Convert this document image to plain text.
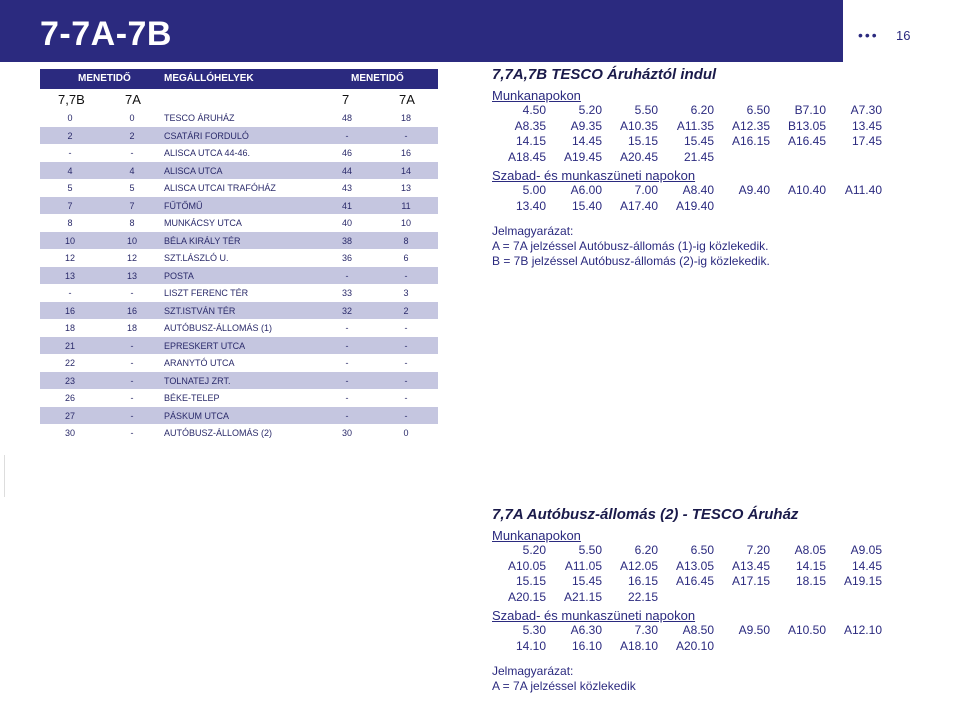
7-7A-7B	••• 16
MENETIDŐ	MEGÁLLÓHELYEK	MENETIDŐ
7,7B	7A	7	7A
0	0	TESCO ÁRUHÁZ	48	18
2	2	CSATÁRI FORDULÓ	-	-
-	-	ALISCA UTCA 44-46.	46	16
4	4	ALISCA UTCA	44	14
5	5	ALISCA UTCAI TRAFÓHÁZ	43	13
7	7	FŰTŐMŰ	41	11
8	8	MUNKÁCSY UTCA	40	10
10	10	BÉLA KIRÁLY TÉR	38	8
12	12	SZT.LÁSZLÓ U.	36	6
13	13	POSTA	-	-
-	-	LISZT FERENC TÉR	33	3
16	16	SZT.ISTVÁN TÉR	32	2
18	18	AUTÓBUSZ-ÁLLOMÁS (1)	-	-
21	-	EPRESKERT UTCA	-	-
22	-	ARANYTÓ UTCA	-	-
23	-	TOLNATEJ ZRT.	-	-
26	-	BÉKE-TELEP	-	-
27	-	PÁSKUM UTCA	-	-
30	-	AUTÓBUSZ-ÁLLOMÁS (2)	30	0
7,7A,7B TESCO Áruháztól indul
Munkanapokon
4.50	5.20	5.50	6.20	6.50	B7.10	A7.30
A8.35	A9.35	A10.35	A11.35	A12.35	B13.05	13.45
14.15	14.45	15.15	15.45	A16.15	A16.45	17.45
A18.45	A19.45	A20.45	21.45
Szabad- és munkaszüneti napokon
5.00	A6.00	7.00	A8.40	A9.40	A10.40	A11.40
13.40	15.40	A17.40	A19.40
Jelmagyarázat:
A = 7A jelzéssel Autóbusz-állomás (1)-ig közlekedik.
B = 7B jelzéssel Autóbusz-állomás (2)-ig közlekedik.
7,7A Autóbusz-állomás (2) - TESCO Áruház
Munkanapokon
5.20	5.50	6.20	6.50	7.20	A8.05	A9.05
A10.05	A11.05	A12.05	A13.05	A13.45	14.15	14.45
15.15	15.45	16.15	A16.45	A17.15	18.15	A19.15
A20.15	A21.15	22.15
Szabad- és munkaszüneti napokon
5.30	A6.30	7.30	A8.50	A9.50	A10.50	A12.10
14.10	16.10	A18.10	A20.10
Jelmagyarázat:
A = 7A jelzéssel közlekedik
